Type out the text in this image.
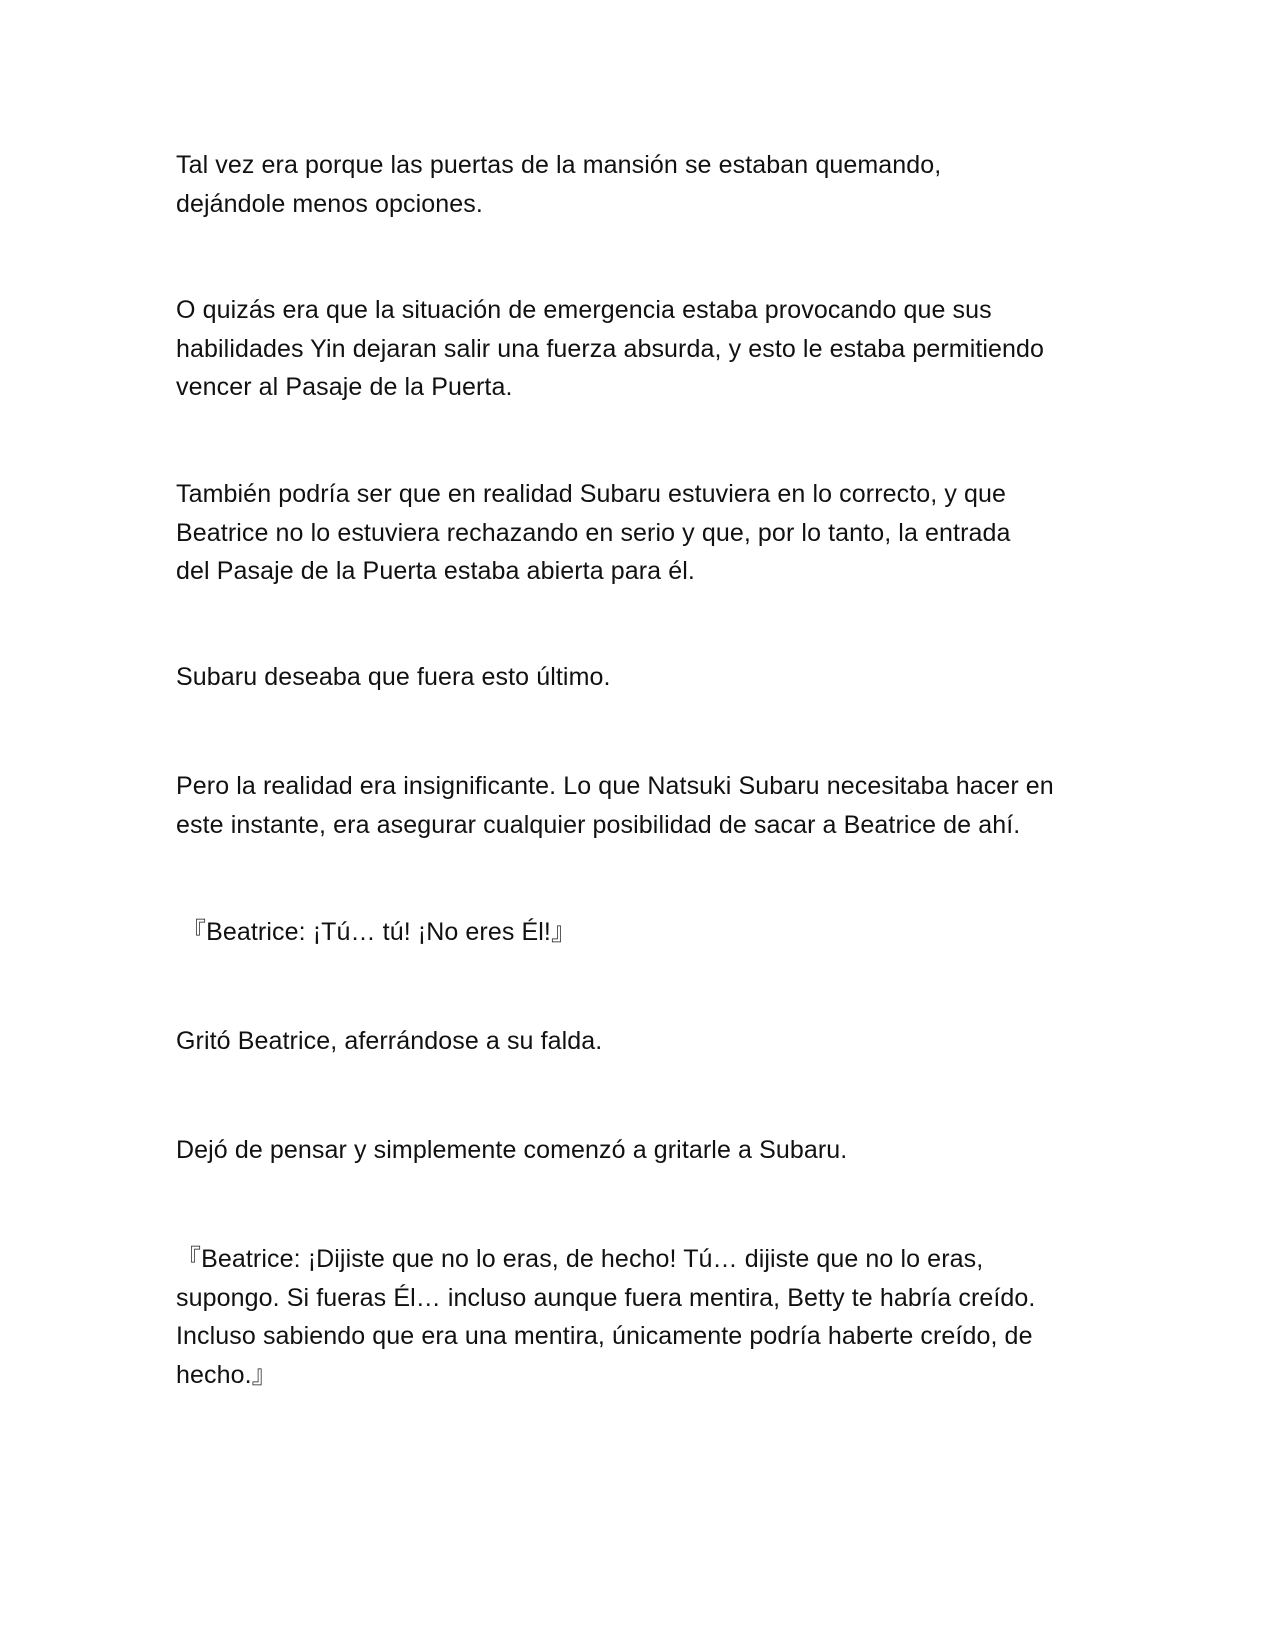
Tal vez era porque las puertas de la mansión se estaban quemando,
dejándole menos opciones.

O quizás era que la situación de emergencia estaba provocando que sus
habilidades Yin dejaran salir una fuerza absurda, y esto le estaba permitiendo
vencer al Pasaje de la Puerta.

También podría ser que en realidad Subaru estuviera en lo correcto, y que
Beatrice no lo estuviera rechazando en serio y que, por lo tanto, la entrada
del Pasaje de la Puerta estaba abierta para él.

Subaru deseaba que fuera esto último.

Pero la realidad era insignificante. Lo que Natsuki Subaru necesitaba hacer en
este instante, era asegurar cualquier posibilidad de sacar a Beatrice de ahí.

『Beatrice: ¡Tú… tú! ¡No eres Él!』

Gritó Beatrice, aferrándose a su falda.

Dejó de pensar y simplemente comenzó a gritarle a Subaru.

『Beatrice: ¡Dijiste que no lo eras, de hecho! Tú… dijiste que no lo eras,
supongo. Si fueras Él… incluso aunque fuera mentira, Betty te habría creído.
Incluso sabiendo que era una mentira, únicamente podría haberte creído, de
hecho.』
